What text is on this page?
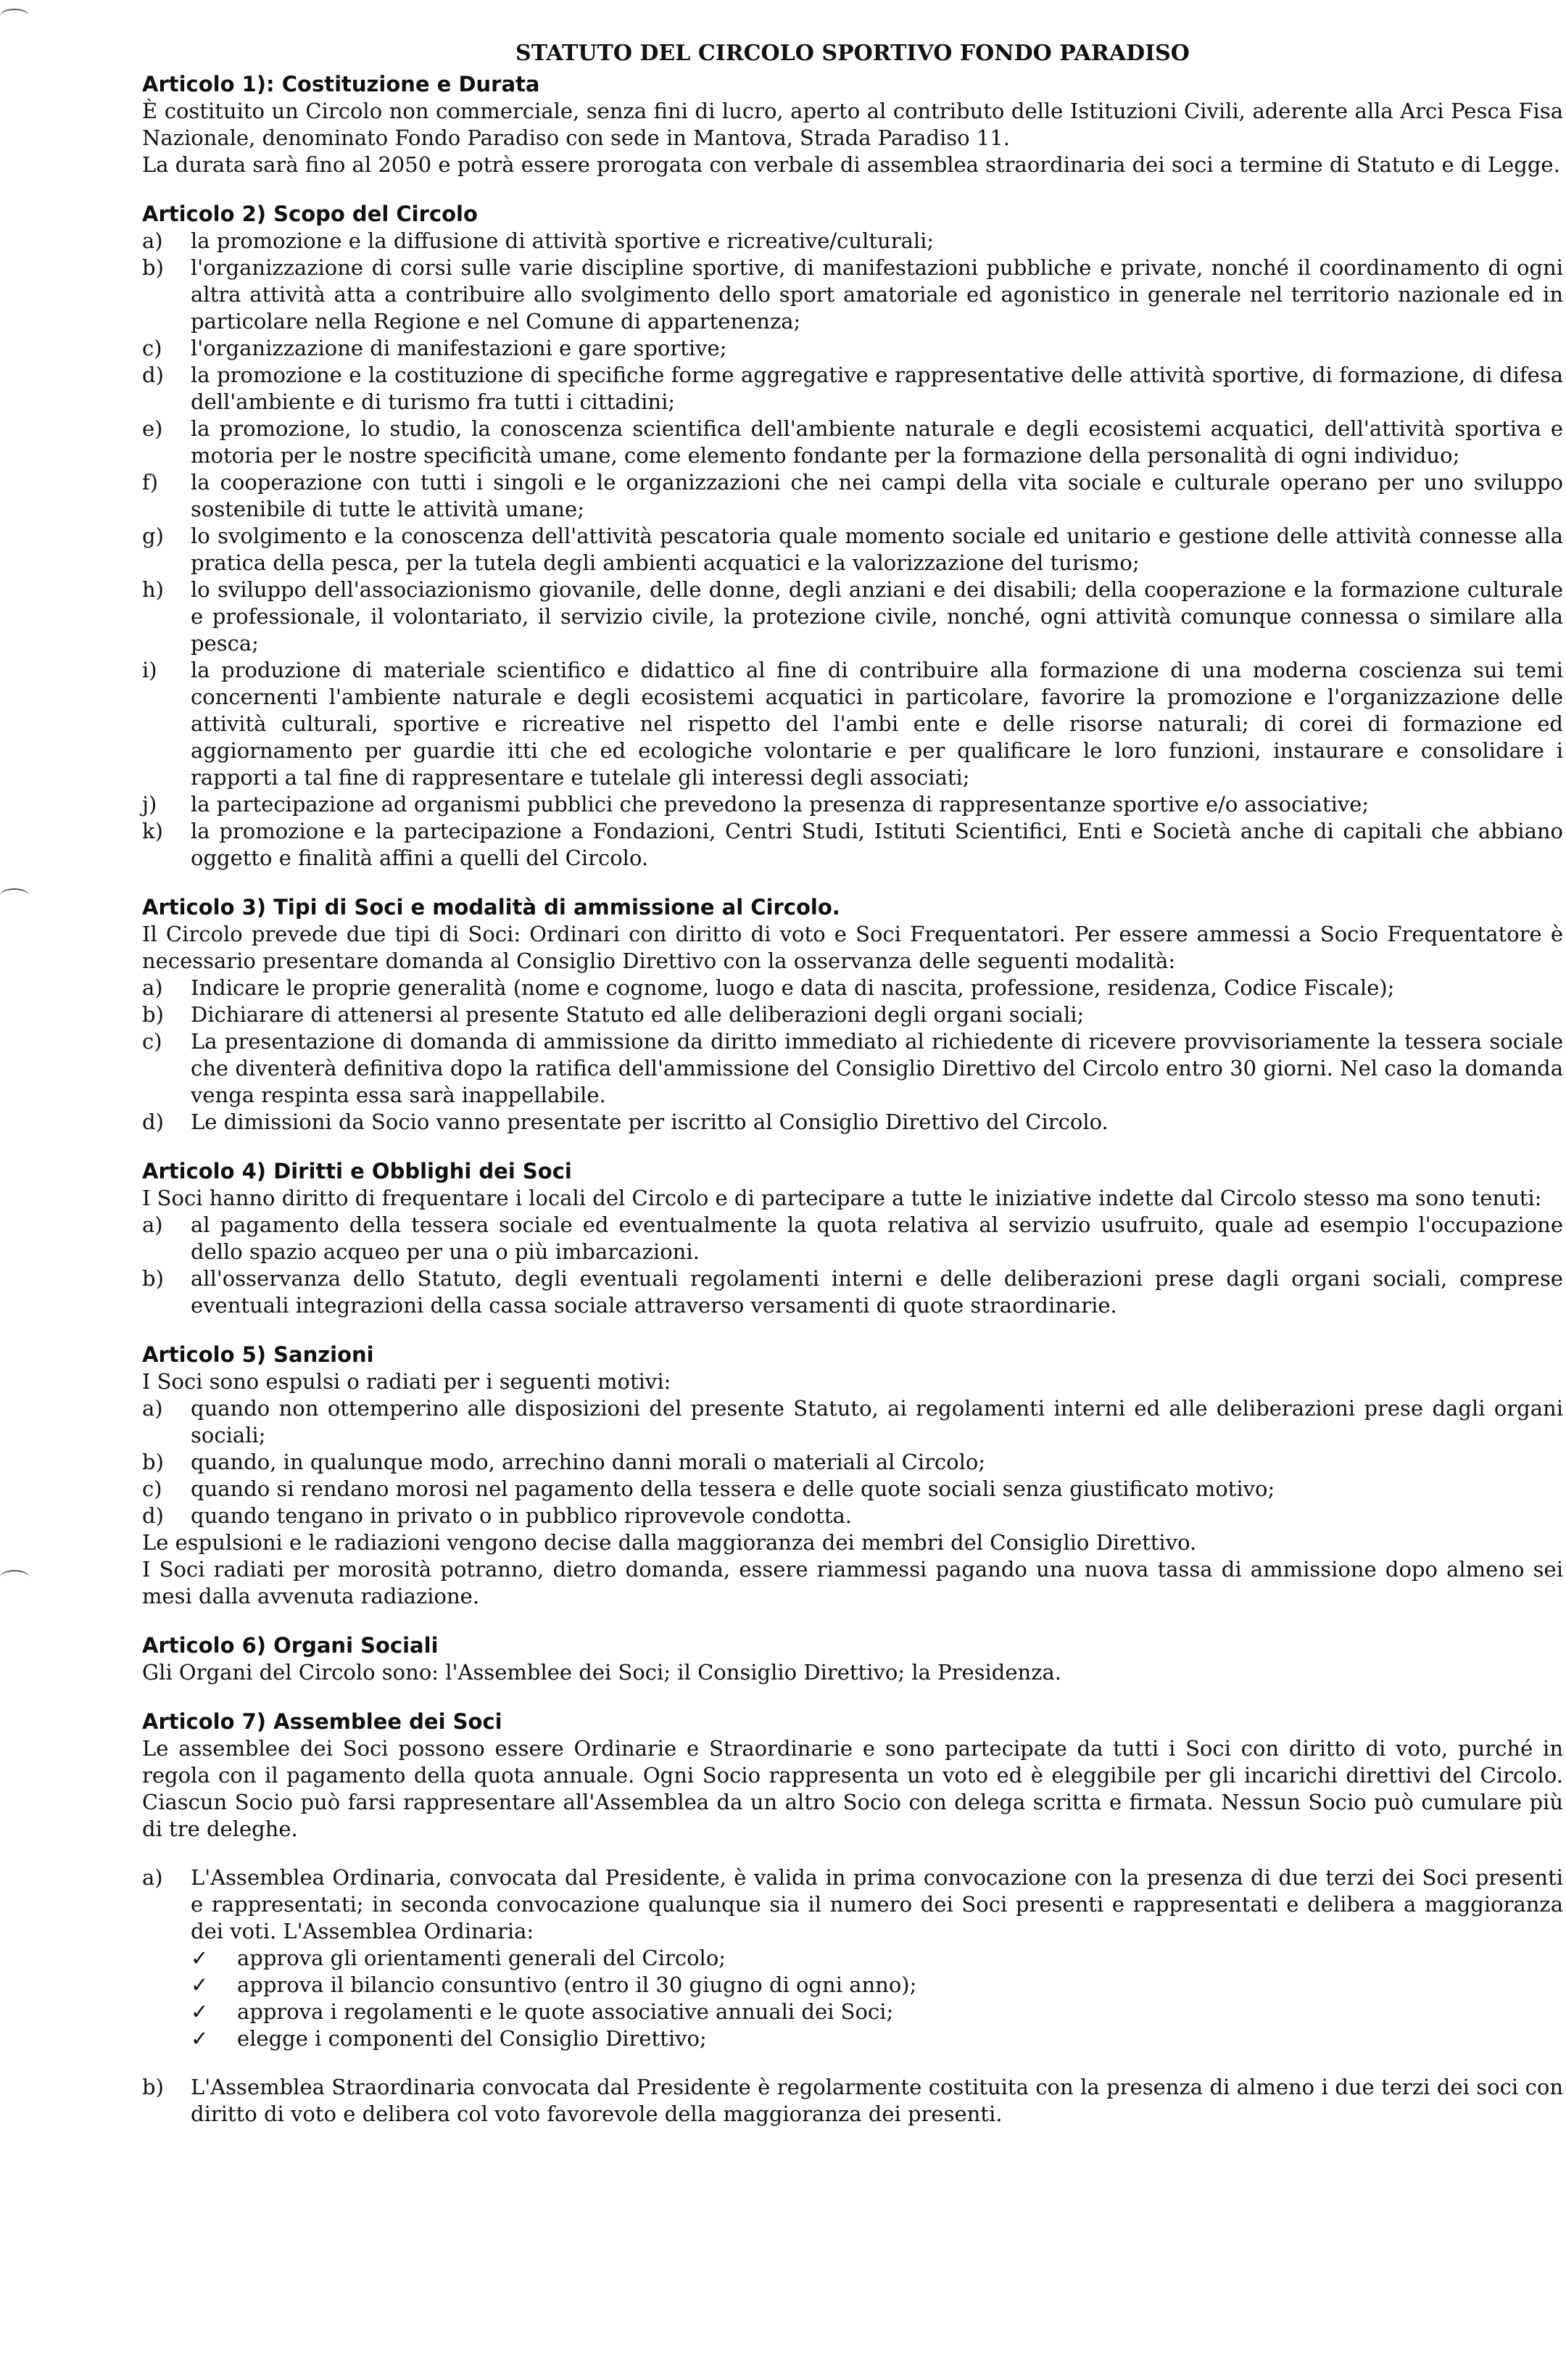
STATUTO DEL CIRCOLO SPORTIVO FONDO PARADISO
Articolo 1): Costituzione e Durata

È costituito un Circolo non commerciale, senza fini di lucro, aperto al contributo delle Istituzioni Civili, aderente alla Arci Pesca Fisa Nazionale, denominato Fondo Paradiso con sede in Mantova, Strada Paradiso 11.

La durata sarà fino al 2050 e potrà essere prorogata con verbale di assemblea straordinaria dei soci a termine di Statuto e di Legge.

Articolo 2) Scopo del Circolo
a)	la promozione e la diffusione di attività sportive e ricreative/culturali;
b)	l'organizzazione di corsi sulle varie discipline sportive, di manifestazioni pubbliche e private, nonché il coordinamento di ogni altra attività atta a contribuire allo svolgimento dello sport amatoriale ed agonistico in generale nel territorio nazionale ed in particolare nella Regione e nel Comune di appartenenza;
c)	l'organizzazione di manifestazioni e gare sportive;
d)	la promozione e la costituzione di specifiche forme aggregative e rappresentative delle attività sportive, di formazione, di difesa dell'ambiente e di turismo fra tutti i cittadini;
e)	la promozione, lo studio, la conoscenza scientifica dell'ambiente naturale e degli ecosistemi acquatici, dell'attività sportiva e motoria per le nostre specificità umane, come elemento fondante per la formazione della personalità di ogni individuo;
f)	la cooperazione con tutti i singoli e le organizzazioni che nei campi della vita sociale e culturale operano per uno sviluppo sostenibile di tutte le attività umane;
g)	lo svolgimento e la conoscenza dell'attività pescatoria quale momento sociale ed unitario e gestione delle attività connesse alla pratica della pesca, per la tutela degli ambienti acquatici e la valorizzazione del turismo;
h)	lo sviluppo dell'associazionismo giovanile, delle donne, degli anziani e dei disabili; della cooperazione e la formazione culturale e professionale, il volontariato, il servizio civile, la protezione civile, nonché, ogni attività comunque connessa o similare alla pesca;
i)	la produzione di materiale scientifico e didattico al fine di contribuire alla formazione di una moderna coscienza sui temi concernenti l'ambiente naturale e degli ecosistemi acquatici in particolare, favorire la promozione e l'organizzazione delle attività culturali, sportive e ricreative nel rispetto del l'ambi ente e delle risorse naturali; di corei di formazione ed aggiornamento per guardie itti che ed ecologiche volontarie e per qualificare le loro funzioni, instaurare e consolidare i rapporti a tal fine di rappresentare e tutelale gli interessi degli associati;
j)	la partecipazione ad organismi pubblici che prevedono la presenza di rappresentanze sportive e/o associative;
k)	la promozione e la partecipazione a Fondazioni, Centri Studi, Istituti Scientifici, Enti e Società anche di capitali che abbiano oggetto e finalità affini a quelli del Circolo.
Articolo 3) Tipi di Soci e modalità di ammissione al Circolo.

Il Circolo prevede due tipi di Soci: Ordinari con diritto di voto e Soci Frequentatori. Per essere ammessi a Socio Frequentatore è necessario presentare domanda al Consiglio Direttivo con la osservanza delle seguenti modalità:

a)	Indicare le proprie generalità (nome e cognome, luogo e data di nascita, professione, residenza, Codice Fiscale);
b)	Dichiarare di attenersi al presente Statuto ed alle deliberazioni degli organi sociali;
c)	La presentazione di domanda di ammissione da diritto immediato al richiedente di ricevere provvisoriamente la tessera sociale che diventerà definitiva dopo la ratifica dell'ammissione del Consiglio Direttivo del Circolo entro 30 giorni. Nel caso la domanda venga respinta essa sarà inappellabile.
d)	Le dimissioni da Socio vanno presentate per iscritto al Consiglio Direttivo del Circolo.
Articolo 4) Diritti e Obblighi dei Soci

I Soci hanno diritto di frequentare i locali del Circolo e di partecipare a tutte le iniziative indette dal Circolo stesso ma sono tenuti:

a)	al pagamento della tessera sociale ed eventualmente la quota relativa al servizio usufruito, quale ad esempio l'occupazione dello spazio acqueo per una o più imbarcazioni.
b)	all'osservanza dello Statuto, degli eventuali regolamenti interni e delle deliberazioni prese dagli organi sociali, comprese eventuali integrazioni della cassa sociale attraverso versamenti di quote straordinarie.
Articolo 5) Sanzioni

I Soci sono espulsi o radiati per i seguenti motivi:

a)	quando non ottemperino alle disposizioni del presente Statuto, ai regolamenti interni ed alle deliberazioni prese dagli organi sociali;
b)	quando, in qualunque modo, arrechino danni morali o materiali al Circolo;
c)	quando si rendano morosi nel pagamento della tessera e delle quote sociali senza giustificato motivo;
d)	quando tengano in privato o in pubblico riprovevole condotta.

Le espulsioni e le radiazioni vengono decise dalla maggioranza dei membri del Consiglio Direttivo.

I Soci radiati per morosità potranno, dietro domanda, essere riammessi pagando una nuova tassa di ammissione dopo almeno sei mesi dalla avvenuta radiazione.

Articolo 6) Organi Sociali

Gli Organi del Circolo sono: l'Assemblee dei Soci; il Consiglio Direttivo; la Presidenza.

Articolo 7) Assemblee dei Soci

Le assemblee dei Soci possono essere Ordinarie e Straordinarie e sono partecipate da tutti i Soci con diritto di voto, purché in regola con il pagamento della quota annuale. Ogni Socio rappresenta un voto ed è eleggibile per gli incarichi direttivi del Circolo. Ciascun Socio può farsi rappresentare all'Assemblea da un altro Socio con delega scritta e firmata. Nessun Socio può cumulare più di tre deleghe.

a)	L'Assemblea Ordinaria, convocata dal Presidente, è valida in prima convocazione con la presenza di due terzi dei Soci presenti e rappresentati; in seconda convocazione qualunque sia il numero dei Soci presenti e rappresentati e delibera a maggioranza dei voti. L'Assemblea Ordinaria:
✓	approva gli orientamenti generali del Circolo;
✓	approva il bilancio consuntivo (entro il 30 giugno di ogni anno);
✓	approva i regolamenti e le quote associative annuali dei Soci;
✓	elegge i componenti del Consiglio Direttivo;
b)	L'Assemblea Straordinaria convocata dal Presidente è regolarmente costituita con la presenza di almeno i due terzi dei soci con diritto di voto e delibera col voto favorevole della maggioranza dei presenti.
